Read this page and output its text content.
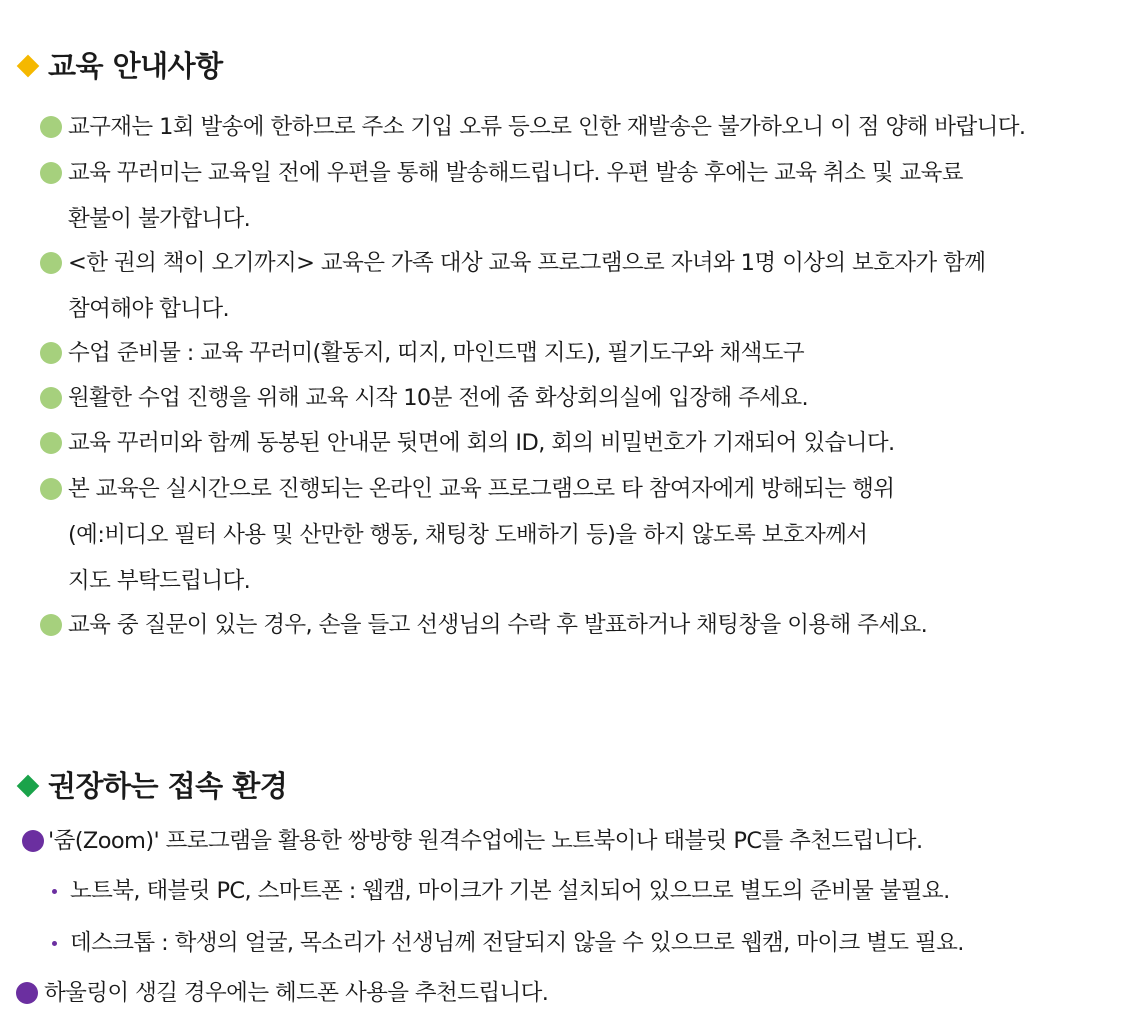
교육 안내사항
교구재는 1회 발송에 한하므로 주소 기입 오류 등으로 인한 재발송은 불가하오니 이 점 양해 바랍니다.
교육 꾸러미는 교육일 전에 우편을 통해 발송해드립니다. 우편 발송 후에는 교육 취소 및 교육료
환불이 불가합니다.
<한 권의 책이 오기까지> 교육은 가족 대상 교육 프로그램으로 자녀와 1명 이상의 보호자가 함께
참여해야 합니다.
수업 준비물 : 교육 꾸러미(활동지, 띠지, 마인드맵 지도), 필기도구와 채색도구
원활한 수업 진행을 위해 교육 시작 10분 전에 줌 화상회의실에 입장해 주세요.
교육 꾸러미와 함께 동봉된 안내문 뒷면에 회의 ID, 회의 비밀번호가 기재되어 있습니다.
본 교육은 실시간으로 진행되는 온라인 교육 프로그램으로 타 참여자에게 방해되는 행위
(예:비디오 필터 사용 및 산만한 행동, 채팅창 도배하기 등)을 하지 않도록 보호자께서
지도 부탁드립니다.
교육 중 질문이 있는 경우, 손을 들고 선생님의 수락 후 발표하거나 채팅창을 이용해 주세요.
권장하는 접속 환경
'줌(Zoom)' 프로그램을 활용한 쌍방향 원격수업에는 노트북이나 태블릿 PC를 추천드립니다.
노트북, 태블릿 PC, 스마트폰 : 웹캠, 마이크가 기본 설치되어 있으므로 별도의 준비물 불필요.
데스크톱 : 학생의 얼굴, 목소리가 선생님께 전달되지 않을 수 있으므로 웹캠, 마이크 별도 필요.
하울링이 생길 경우에는 헤드폰 사용을 추천드립니다.
